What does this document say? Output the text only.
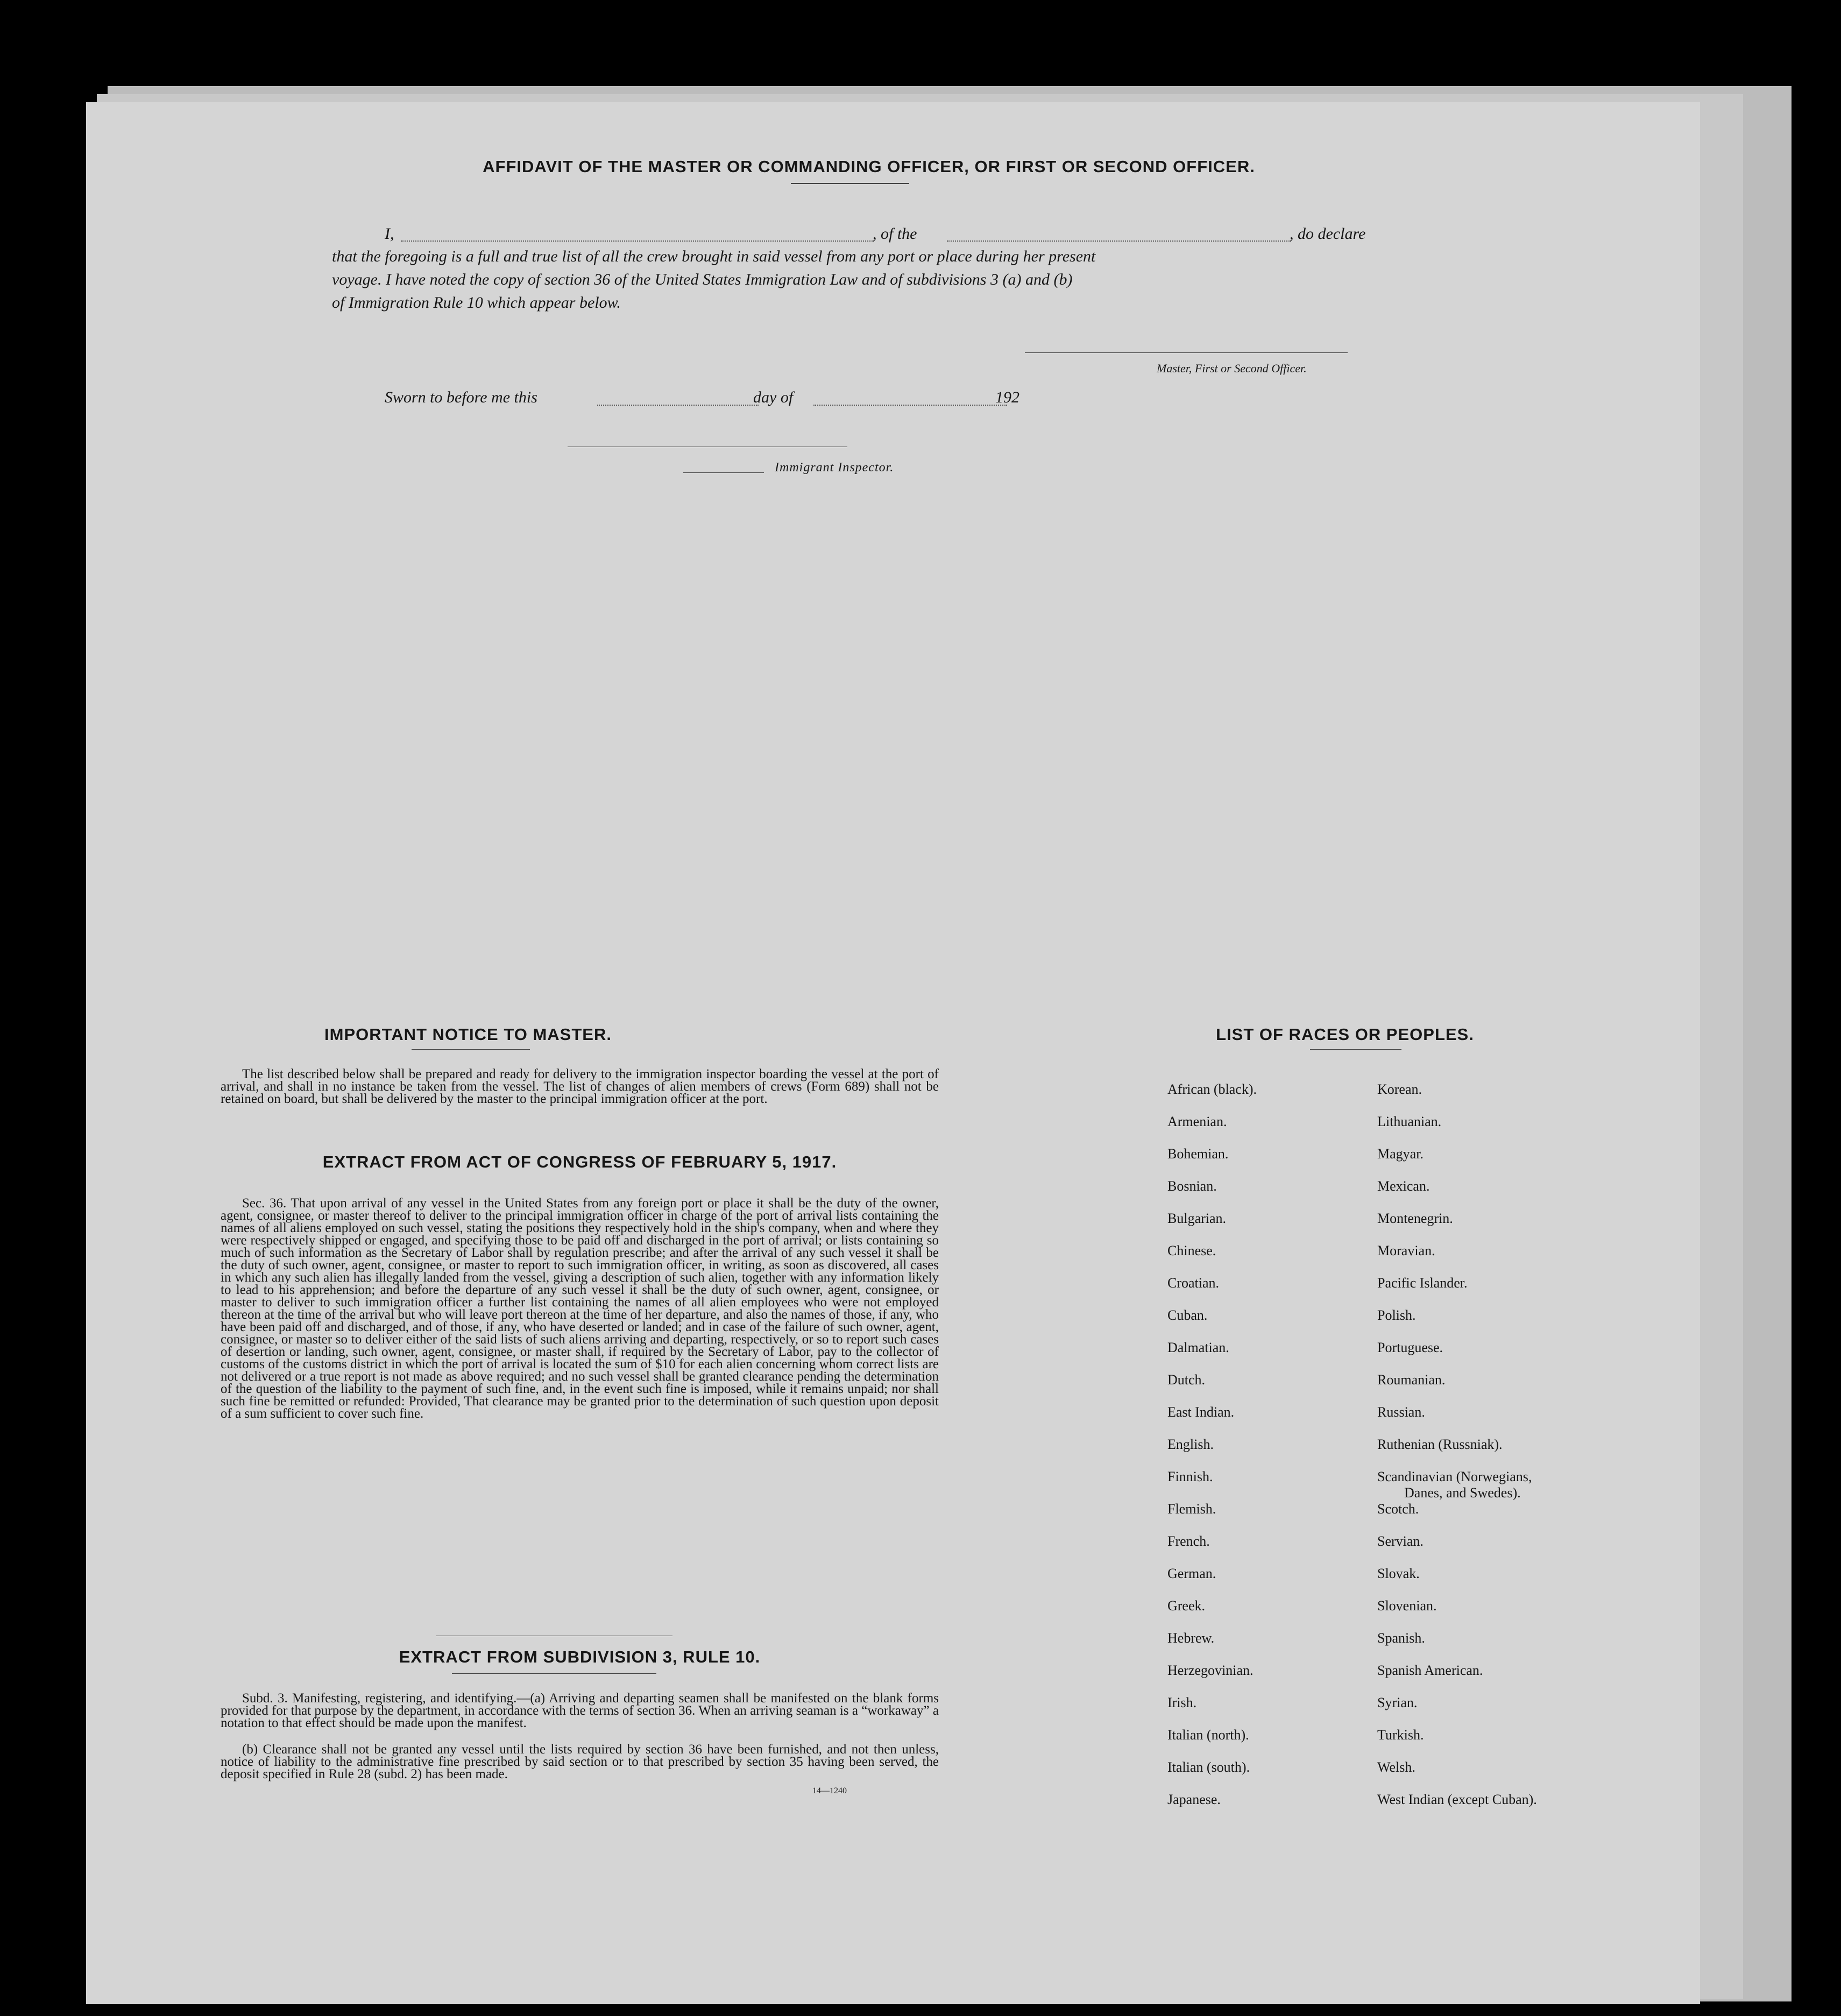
AFFIDAVIT OF THE MASTER OR COMMANDING OFFICER, OR FIRST OR SECOND OFFICER.
I,	, of the	, do declare
that the foregoing is a full and true list of all the crew brought in said vessel from any port or place during her present
voyage. I have noted the copy of section 36 of the United States Immigration Law and of subdivisions 3 (a) and (b)
of Immigration Rule 10 which appear below.
Master, First or Second Officer.
Sworn to before me this	day of	192
Immigrant Inspector.
IMPORTANT NOTICE TO MASTER.
The list described below shall be prepared and ready for delivery to the immigration inspector boarding the vessel at the port of arrival, and shall in no instance be taken from the vessel. The list of changes of alien members of crews (Form 689) shall not be retained on board, but shall be delivered by the master to the principal immigration officer at the port.
EXTRACT FROM ACT OF CONGRESS OF FEBRUARY 5, 1917.
Sec. 36. That upon arrival of any vessel in the United States from any foreign port or place it shall be the duty of the owner, agent, consignee, or master thereof to deliver to the principal immigration officer in charge of the port of arrival lists containing the names of all aliens employed on such vessel, stating the positions they respectively hold in the ship's company, when and where they were respectively shipped or engaged, and specifying those to be paid off and discharged in the port of arrival; or lists containing so much of such information as the Secretary of Labor shall by regulation prescribe; and after the arrival of any such vessel it shall be the duty of such owner, agent, consignee, or master to report to such immigration officer, in writing, as soon as discovered, all cases in which any such alien has illegally landed from the vessel, giving a description of such alien, together with any information likely to lead to his apprehension; and before the departure of any such vessel it shall be the duty of such owner, agent, consignee, or master to deliver to such immigration officer a further list containing the names of all alien employees who were not employed thereon at the time of the arrival but who will leave port thereon at the time of her departure, and also the names of those, if any, who have been paid off and discharged, and of those, if any, who have deserted or landed; and in case of the failure of such owner, agent, consignee, or master so to deliver either of the said lists of such aliens arriving and departing, respectively, or so to report such cases of desertion or landing, such owner, agent, consignee, or master shall, if required by the Secretary of Labor, pay to the collector of customs of the customs district in which the port of arrival is located the sum of $10 for each alien concerning whom correct lists are not delivered or a true report is not made as above required; and no such vessel shall be granted clearance pending the determination of the question of the liability to the payment of such fine, and, in the event such fine is imposed, while it remains unpaid; nor shall such fine be remitted or refunded: Provided, That clearance may be granted prior to the determination of such question upon deposit of a sum sufficient to cover such fine.
EXTRACT FROM SUBDIVISION 3, RULE 10.
Subd. 3. Manifesting, registering, and identifying.—(a) Arriving and departing seamen shall be manifested on the blank forms provided for that purpose by the department, in accordance with the terms of section 36. When an arriving seaman is a “workaway” a notation to that effect should be made upon the manifest.
(b) Clearance shall not be granted any vessel until the lists required by section 36 have been furnished, and not then unless, notice of liability to the administrative fine prescribed by said section or to that prescribed by section 35 having been served, the deposit specified in Rule 28 (subd. 2) has been made.
14—1240
LIST OF RACES OR PEOPLES.
African (black).
Armenian.
Bohemian.
Bosnian.
Bulgarian.
Chinese.
Croatian.
Cuban.
Dalmatian.
Dutch.
East Indian.
English.
Finnish.
Flemish.
French.
German.
Greek.
Hebrew.
Herzegovinian.
Irish.
Italian (north).
Italian (south).
Japanese.
Korean.
Lithuanian.
Magyar.
Mexican.
Montenegrin.
Moravian.
Pacific Islander.
Polish.
Portuguese.
Roumanian.
Russian.
Ruthenian (Russniak).
Scandinavian (Norwegians,
Danes, and Swedes).
Scotch.
Servian.
Slovak.
Slovenian.
Spanish.
Spanish American.
Syrian.
Turkish.
Welsh.
West Indian (except Cuban).
